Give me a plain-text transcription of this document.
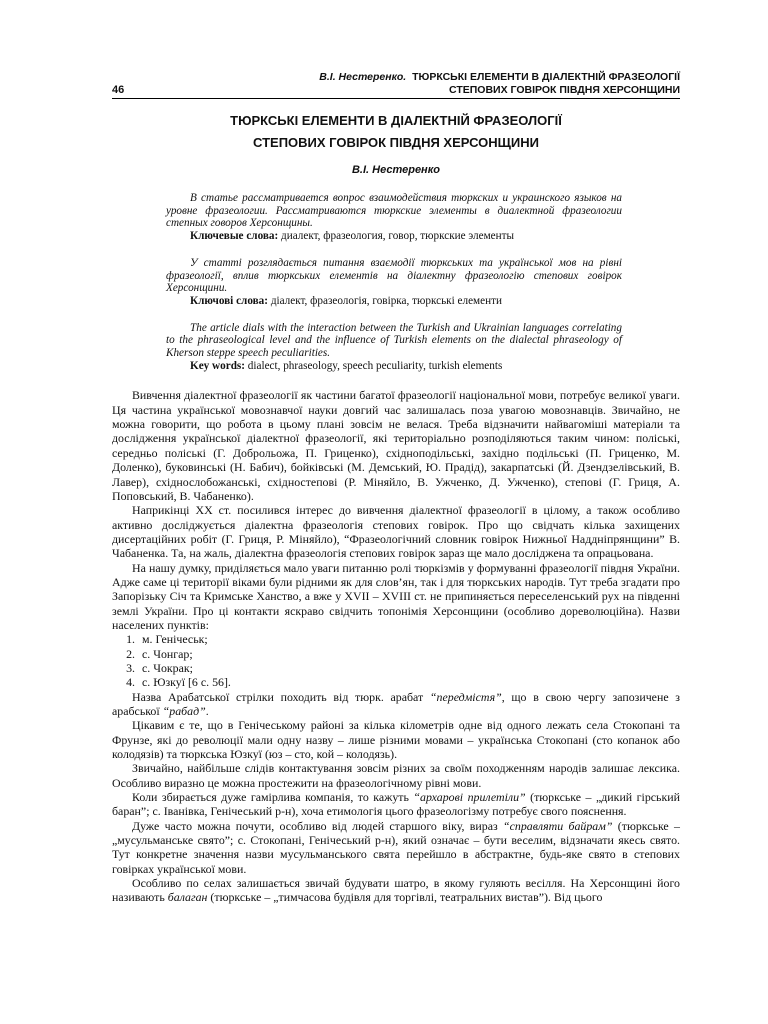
46
В.І. Нестеренко. ТЮРКСЬКІ ЕЛЕМЕНТИ В ДІАЛЕКТНІЙ ФРАЗЕОЛОГІЇ
СТЕПОВИХ ГОВІРОК ПІВДНЯ ХЕРСОНЩИНИ
ТЮРКСЬКІ ЕЛЕМЕНТИ В ДІАЛЕКТНІЙ ФРАЗЕОЛОГІЇ
СТЕПОВИХ ГОВІРОК ПІВДНЯ ХЕРСОНЩИНИ
В.І. Нестеренко
В статье рассматривается вопрос взаимодействия тюркских и украинского языков на уровне фразеологии. Рассматриваются тюркские элементы в диалектной фразеологии степных говоров Херсонщины.
Ключевые слова: диалект, фразеология, говор, тюркские элементы
У статті розглядається питання взаємодії тюркських та української мов на рівні фразеології, вплив тюркських елементів на діалектну фразеологію степових говірок Херсонщини.
Ключові слова: діалект, фразеологія, говірка, тюркські елементи
The article dials with the interaction between the Turkish and Ukrainian languages correlating to the phraseological level and the influence of Turkish elements on the dialectal phraseology of Kherson steppe speech peculiarities.
Key words: dialect, phraseology, speech peculiarity, turkish elements

Вивчення діалектної фразеології як частини багатої фразеології національної мови, потребує великої уваги. Ця частина української мовознавчої науки довгий час залишалась поза увагою мовознавців. Звичайно, не можна говорити, що робота в цьому плані зовсім не велася. Треба відзначити найвагоміші матеріали та дослідження української діалектної фразеології, які територіально розподіляються таким чином: поліські, середньо поліські (Г. Доброльожа, П. Гриценко), східноподільські, західно подільські (П. Гриценко, М. Доленко), буковинські (Н. Бабич), бойківські (М. Демський, Ю. Прадід), закарпатські (Й. Дзендзелівський, В. Лавер), східнослобожанські, східностепові (Р. Міняйло, В. Ужченко, Д. Ужченко), степові (Г. Гриця, А. Поповський, В. Чабаненко).

Наприкінці ХХ ст. посилився інтерес до вивчення діалектної фразеології в цілому, а також особливо активно досліджується діалектна фразеологія степових говірок. Про що свідчать кілька захищених дисертаційних робіт (Г. Гриця, Р. Міняйло), “Фразеологічний словник говірок Нижньої Наддніпрянщини” В. Чабаненка. Та, на жаль, діалектна фразеологія степових говірок зараз ще мало досліджена та опрацьована.

На нашу думку, приділяється мало уваги питанню ролі тюркізмів у формуванні фразеології півдня України. Адже саме ці території віками були рідними як для слов’ян, так і для тюркських народів. Тут треба згадати про Запорізьку Січ та Кримське Ханство, а вже у XVII – XVIII ст. не припиняється переселенський рух на південні землі України. Про ці контакти яскраво свідчить топонімія Херсонщини (особливо дореволюційна). Назви населених пунктів:

1. м. Генічеськ;
2. с. Чонгар;
3. с. Чокрак;
4. с. Юзкуї [6 с. 56].

Назва Арабатської стрілки походить від тюрк. арабат “передмістя”, що в свою чергу запозичене з арабської “рабад”.

Цікавим є те, що в Генічеському районі за кілька кілометрів одне від одного лежать села Стокопані та Фрунзе, які до революції мали одну назву – лише різними мовами – українська Стокопані (сто копанок або колодязів) та тюркська Юзкуї (юз – сто, кой – колодязь).

Звичайно, найбільше слідів контактування зовсім різних за своїм походженням народів залишає лексика. Особливо виразно це можна простежити на фразеологічному рівні мови.

Коли збирається дуже гамірлива компанія, то кажуть “архарові прилетіли” (тюркське – „дикий гірський баран”; с. Іванівка, Генічеський р-н), хоча етимологія цього фразеологізму потребує свого пояснення.

Дуже часто можна почути, особливо від людей старшого віку, вираз “справляти байрам” (тюркське – „мусульманське свято”; с. Стокопані, Генічеський р-н), який означає – бути веселим, відзначати якесь свято. Тут конкретне значення назви мусульманського свята перейшло в абстрактне, будь-яке свято в степових говірках української мови.

Особливо по селах залишається звичай будувати шатро, в якому гуляють весілля. На Херсонщині його називають балаган (тюркське – „тимчасова будівля для торгівлі, театральних вистав”). Від цього
